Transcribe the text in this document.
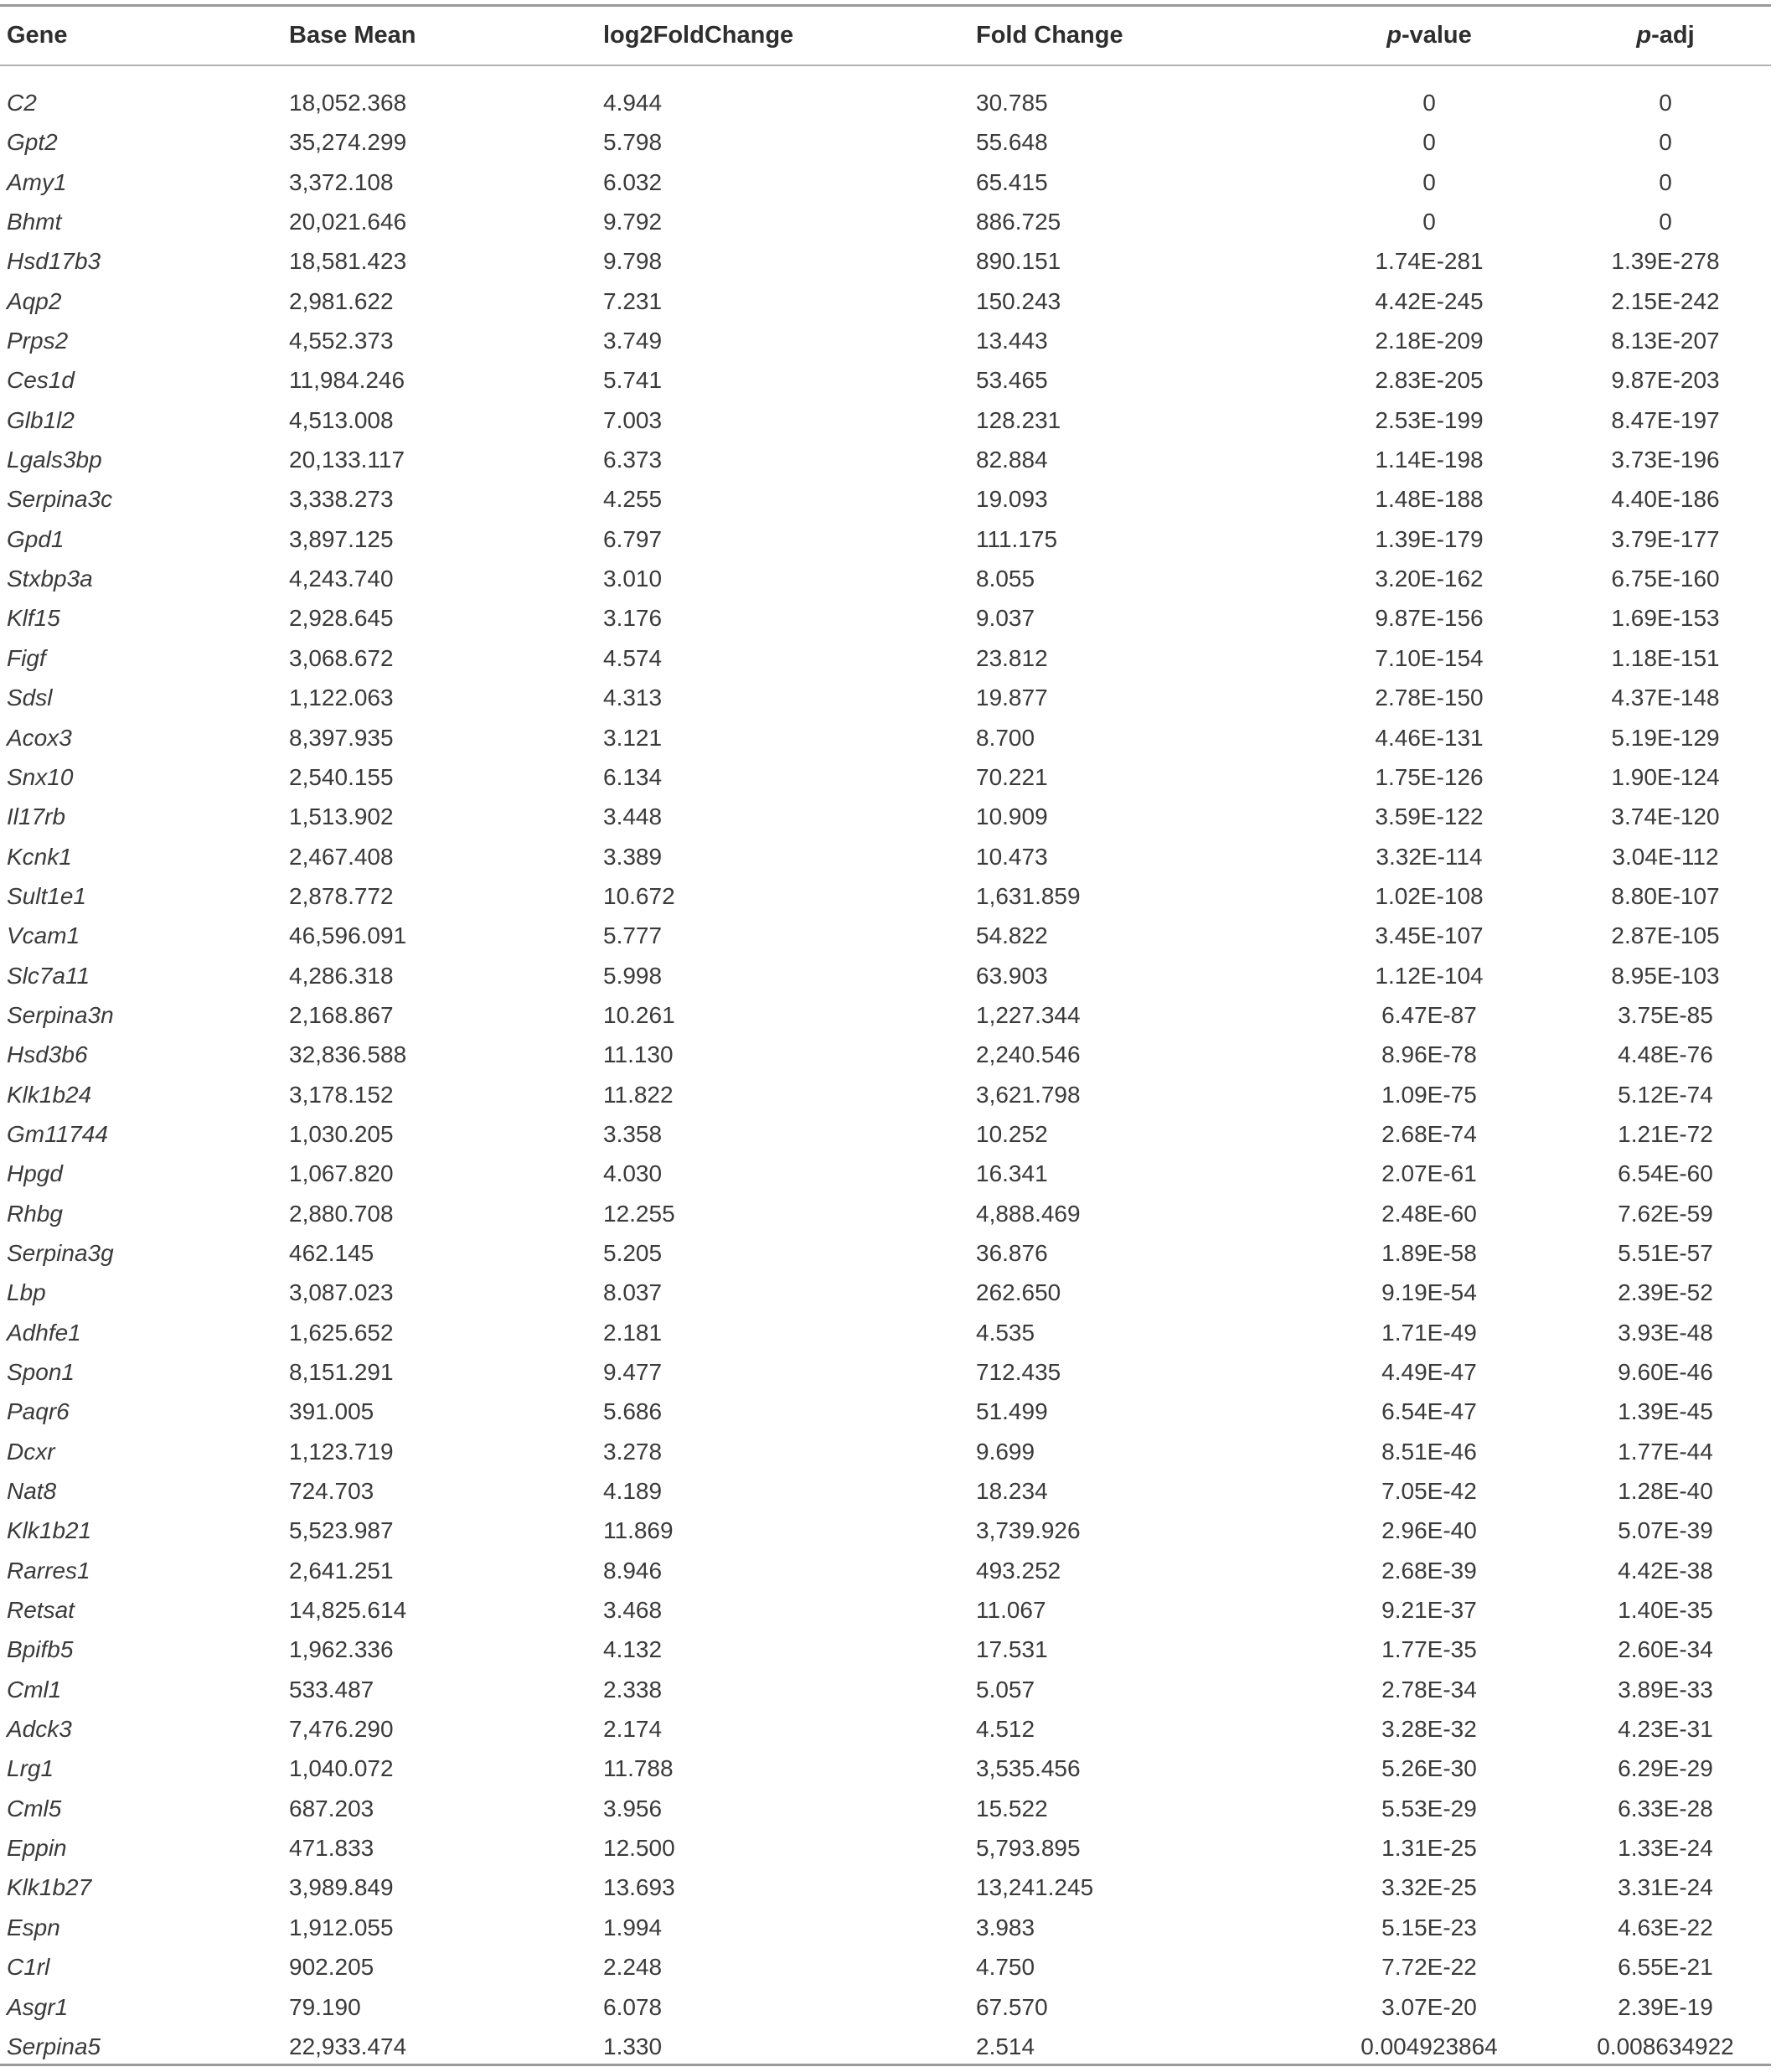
Gene	Base Mean	log2FoldChange	Fold Change	p-value	p-adj
C2	18,052.368	4.944	30.785	0	0
Gpt2	35,274.299	5.798	55.648	0	0
Amy1	3,372.108	6.032	65.415	0	0
Bhmt	20,021.646	9.792	886.725	0	0
Hsd17b3	18,581.423	9.798	890.151	1.74E-281	1.39E-278
Aqp2	2,981.622	7.231	150.243	4.42E-245	2.15E-242
Prps2	4,552.373	3.749	13.443	2.18E-209	8.13E-207
Ces1d	11,984.246	5.741	53.465	2.83E-205	9.87E-203
Glb1l2	4,513.008	7.003	128.231	2.53E-199	8.47E-197
Lgals3bp	20,133.117	6.373	82.884	1.14E-198	3.73E-196
Serpina3c	3,338.273	4.255	19.093	1.48E-188	4.40E-186
Gpd1	3,897.125	6.797	111.175	1.39E-179	3.79E-177
Stxbp3a	4,243.740	3.010	8.055	3.20E-162	6.75E-160
Klf15	2,928.645	3.176	9.037	9.87E-156	1.69E-153
Figf	3,068.672	4.574	23.812	7.10E-154	1.18E-151
Sdsl	1,122.063	4.313	19.877	2.78E-150	4.37E-148
Acox3	8,397.935	3.121	8.700	4.46E-131	5.19E-129
Snx10	2,540.155	6.134	70.221	1.75E-126	1.90E-124
Il17rb	1,513.902	3.448	10.909	3.59E-122	3.74E-120
Kcnk1	2,467.408	3.389	10.473	3.32E-114	3.04E-112
Sult1e1	2,878.772	10.672	1,631.859	1.02E-108	8.80E-107
Vcam1	46,596.091	5.777	54.822	3.45E-107	2.87E-105
Slc7a11	4,286.318	5.998	63.903	1.12E-104	8.95E-103
Serpina3n	2,168.867	10.261	1,227.344	6.47E-87	3.75E-85
Hsd3b6	32,836.588	11.130	2,240.546	8.96E-78	4.48E-76
Klk1b24	3,178.152	11.822	3,621.798	1.09E-75	5.12E-74
Gm11744	1,030.205	3.358	10.252	2.68E-74	1.21E-72
Hpgd	1,067.820	4.030	16.341	2.07E-61	6.54E-60
Rhbg	2,880.708	12.255	4,888.469	2.48E-60	7.62E-59
Serpina3g	462.145	5.205	36.876	1.89E-58	5.51E-57
Lbp	3,087.023	8.037	262.650	9.19E-54	2.39E-52
Adhfe1	1,625.652	2.181	4.535	1.71E-49	3.93E-48
Spon1	8,151.291	9.477	712.435	4.49E-47	9.60E-46
Paqr6	391.005	5.686	51.499	6.54E-47	1.39E-45
Dcxr	1,123.719	3.278	9.699	8.51E-46	1.77E-44
Nat8	724.703	4.189	18.234	7.05E-42	1.28E-40
Klk1b21	5,523.987	11.869	3,739.926	2.96E-40	5.07E-39
Rarres1	2,641.251	8.946	493.252	2.68E-39	4.42E-38
Retsat	14,825.614	3.468	11.067	9.21E-37	1.40E-35
Bpifb5	1,962.336	4.132	17.531	1.77E-35	2.60E-34
Cml1	533.487	2.338	5.057	2.78E-34	3.89E-33
Adck3	7,476.290	2.174	4.512	3.28E-32	4.23E-31
Lrg1	1,040.072	11.788	3,535.456	5.26E-30	6.29E-29
Cml5	687.203	3.956	15.522	5.53E-29	6.33E-28
Eppin	471.833	12.500	5,793.895	1.31E-25	1.33E-24
Klk1b27	3,989.849	13.693	13,241.245	3.32E-25	3.31E-24
Espn	1,912.055	1.994	3.983	5.15E-23	4.63E-22
C1rl	902.205	2.248	4.750	7.72E-22	6.55E-21
Asgr1	79.190	6.078	67.570	3.07E-20	2.39E-19
Serpina5	22,933.474	1.330	2.514	0.004923864	0.008634922
